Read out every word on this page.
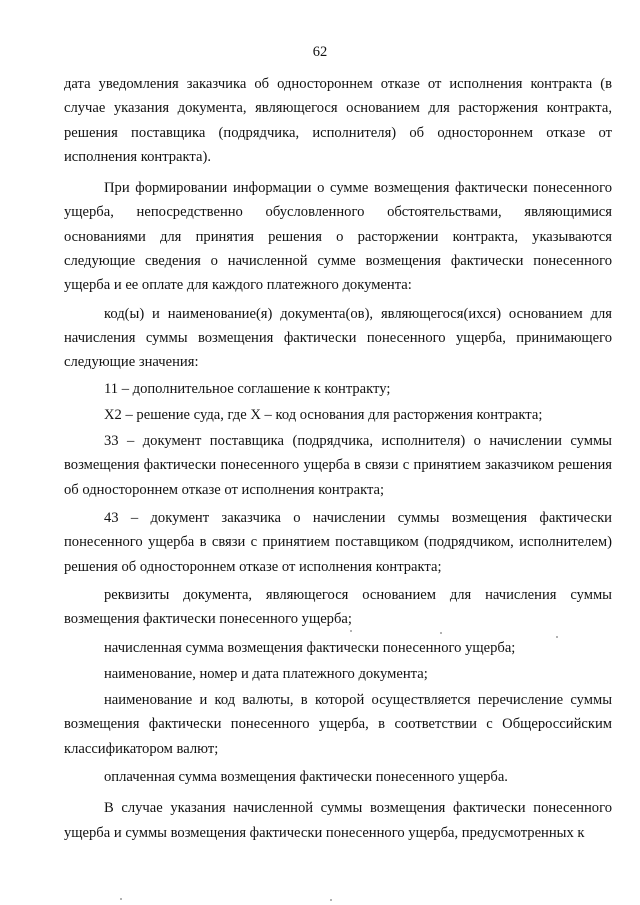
62

дата уведомления заказчика об одностороннем отказе от исполнения контракта (в случае указания документа, являющегося основанием для расторжения контракта, решения поставщика (подрядчика, исполнителя) об одностороннем отказе от исполнения контракта).

При формировании информации о сумме возмещения фактически понесенного ущерба, непосредственно обусловленного обстоятельствами, являющимися основаниями для принятия решения о расторжении контракта, указываются следующие сведения о начисленной сумме возмещения фактически понесенного ущерба и ее оплате для каждого платежного документа:

код(ы) и наименование(я) документа(ов), являющегося(ихся) основанием для начисления суммы возмещения фактически понесенного ущерба, принимающего следующие значения:

11 – дополнительное соглашение к контракту;

Х2 – решение суда, где Х – код основания для расторжения контракта;

33 – документ поставщика (подрядчика, исполнителя) о начислении суммы возмещения фактически понесенного ущерба в связи с принятием заказчиком решения об одностороннем отказе от исполнения контракта;

43 – документ заказчика о начислении суммы возмещения фактически понесенного ущерба в связи с принятием поставщиком (подрядчиком, исполнителем) решения об одностороннем отказе от исполнения контракта;

реквизиты документа, являющегося основанием для начисления суммы возмещения фактически понесенного ущерба;

начисленная сумма возмещения фактически понесенного ущерба;

наименование, номер и дата платежного документа;

наименование и код валюты, в которой осуществляется перечисление суммы возмещения фактически понесенного ущерба, в соответствии с Общероссийским классификатором валют;

оплаченная сумма возмещения фактически понесенного ущерба.

В случае указания начисленной суммы возмещения фактически понесенного ущерба и суммы возмещения фактически понесенного ущерба, предусмотренных к
